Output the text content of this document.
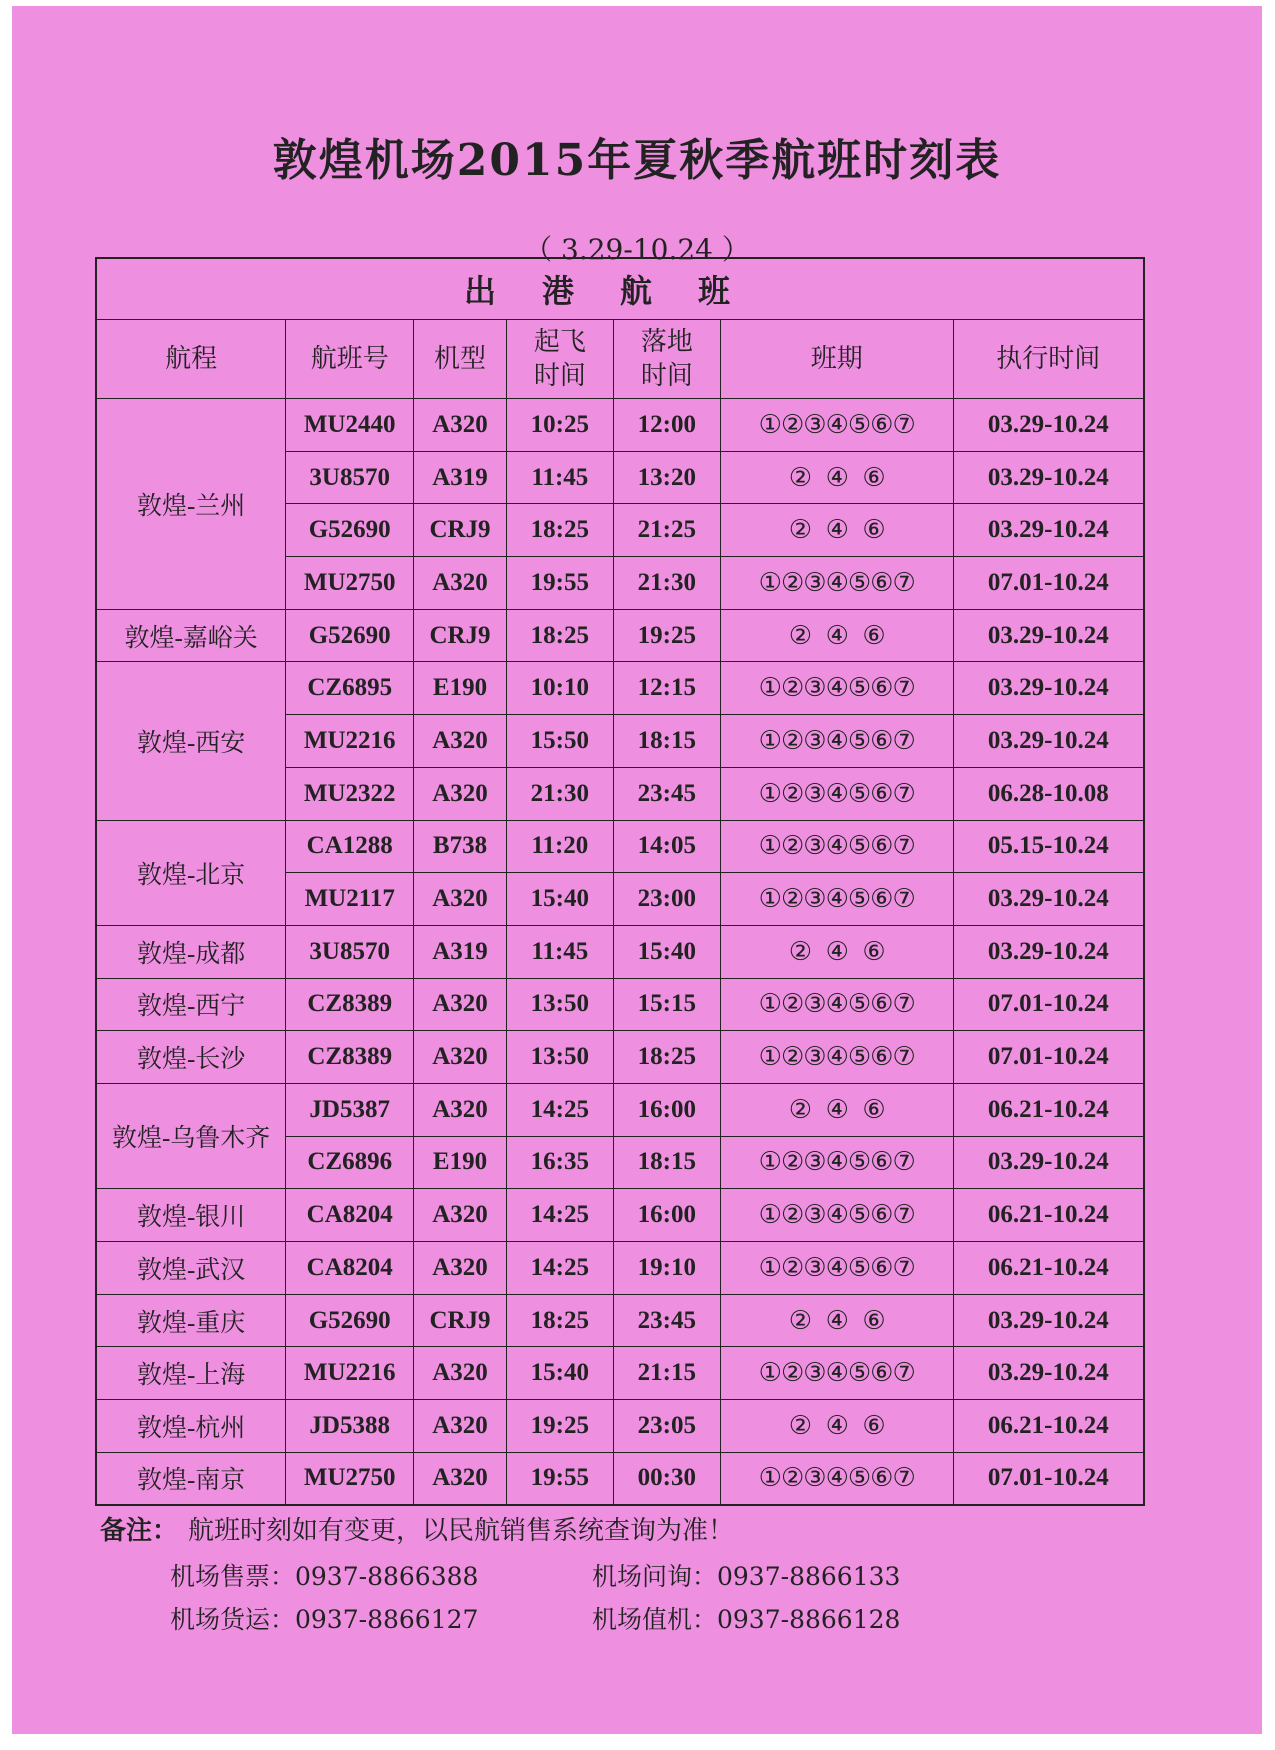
敦煌机场2015年夏秋季航班时刻表
（ 3.29-10.24 ）
出港航班						
航程	航班号	机型	起飞时间	落地时间	班期	执行时间
敦煌-兰州	MU2440	A320	10:25	12:00	①②③④⑤⑥⑦	03.29-10.24
	3U8570	A319	11:45	13:20	②  ④  ⑥	03.29-10.24
	G52690	CRJ9	18:25	21:25	②  ④  ⑥	03.29-10.24
	MU2750	A320	19:55	21:30	①②③④⑤⑥⑦	07.01-10.24
敦煌-嘉峪关	G52690	CRJ9	18:25	19:25	②  ④  ⑥	03.29-10.24
敦煌-西安	CZ6895	E190	10:10	12:15	①②③④⑤⑥⑦	03.29-10.24
	MU2216	A320	15:50	18:15	①②③④⑤⑥⑦	03.29-10.24
	MU2322	A320	21:30	23:45	①②③④⑤⑥⑦	06.28-10.08
敦煌-北京	CA1288	B738	11:20	14:05	①②③④⑤⑥⑦	05.15-10.24
	MU2117	A320	15:40	23:00	①②③④⑤⑥⑦	03.29-10.24
敦煌-成都	3U8570	A319	11:45	15:40	②  ④  ⑥	03.29-10.24
敦煌-西宁	CZ8389	A320	13:50	15:15	①②③④⑤⑥⑦	07.01-10.24
敦煌-长沙	CZ8389	A320	13:50	18:25	①②③④⑤⑥⑦	07.01-10.24
敦煌-乌鲁木齐	JD5387	A320	14:25	16:00	②  ④  ⑥	06.21-10.24
	CZ6896	E190	16:35	18:15	①②③④⑤⑥⑦	03.29-10.24
敦煌-银川	CA8204	A320	14:25	16:00	①②③④⑤⑥⑦	06.21-10.24
敦煌-武汉	CA8204	A320	14:25	19:10	①②③④⑤⑥⑦	06.21-10.24
敦煌-重庆	G52690	CRJ9	18:25	23:45	②  ④  ⑥	03.29-10.24
敦煌-上海	MU2216	A320	15:40	21:15	①②③④⑤⑥⑦	03.29-10.24
敦煌-杭州	JD5388	A320	19:25	23:05	②  ④  ⑥	06.21-10.24
敦煌-南京	MU2750	A320	19:55	00:30	①②③④⑤⑥⑦	07.01-10.24
备注： 航班时刻如有变更，以民航销售系统查询为准！
机场售票：0937-8866388	机场问询：0937-8866133
机场货运：0937-8866127	机场值机：0937-8866128
